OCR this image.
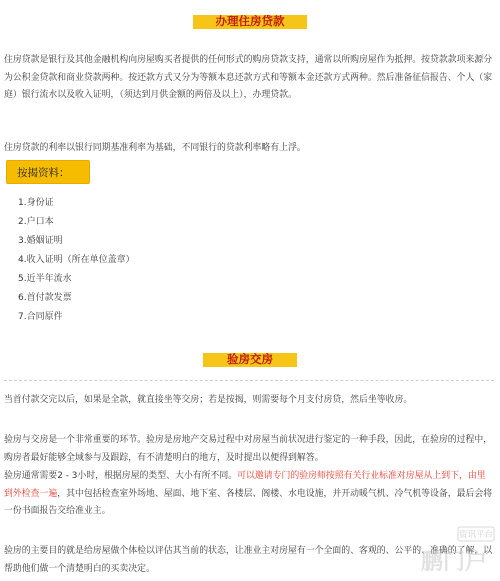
办理住房贷款
住房贷款是银行及其他金融机构向房屋购买者提供的任何形式的购房贷款支持，通常以所购房屋作为抵押。按贷款款项来源分为公积金贷款和商业贷款两种。按还款方式又分为等额本息还款方式和等额本金还款方式两种。然后准备征信报告、个人（家庭）银行流水以及收入证明，（须达到月供金额的两倍及以上），办理贷款。
住房贷款的利率以银行同期基准利率为基础，不同银行的贷款利率略有上浮。
按揭资料：
1.身份证
2.户口本
3.婚姻证明
4.收入证明（所在单位盖章）
5.近半年流水
6.首付款发票
7.合同原件
验房交房
当首付款交完以后，如果是全款，就直接坐等交房；若是按揭，则需要每个月支付房贷，然后坐等收房。
验房与交房是一个非常重要的环节。验房是房地产交易过程中对房屋当前状况进行鉴定的一种手段，因此，在验房的过程中，购房者最好能够全域参与及跟踪，有不清楚明白的地方，及时提出以便得到解答。
验房通常需要2 - 3小时，根据房屋的类型、大小有所不同。可以邀请专门的验房师按照有关行业标准对房屋从上到下，由里到外检查一遍，其中包括检查室外场地、屋面、地下室、各楼层、阁楼、水电设施，并开动暖气机、冷气机等设备，最后会将一份书面报告交给准业主。
验房的主要目的就是给房屋做个体检以评估其当前的状态，让准业主对房屋有一个全面的、客观的、公平的、准确的了解，以帮助他们做一个清楚明白的买卖决定。
资讯平台
鹏门户
